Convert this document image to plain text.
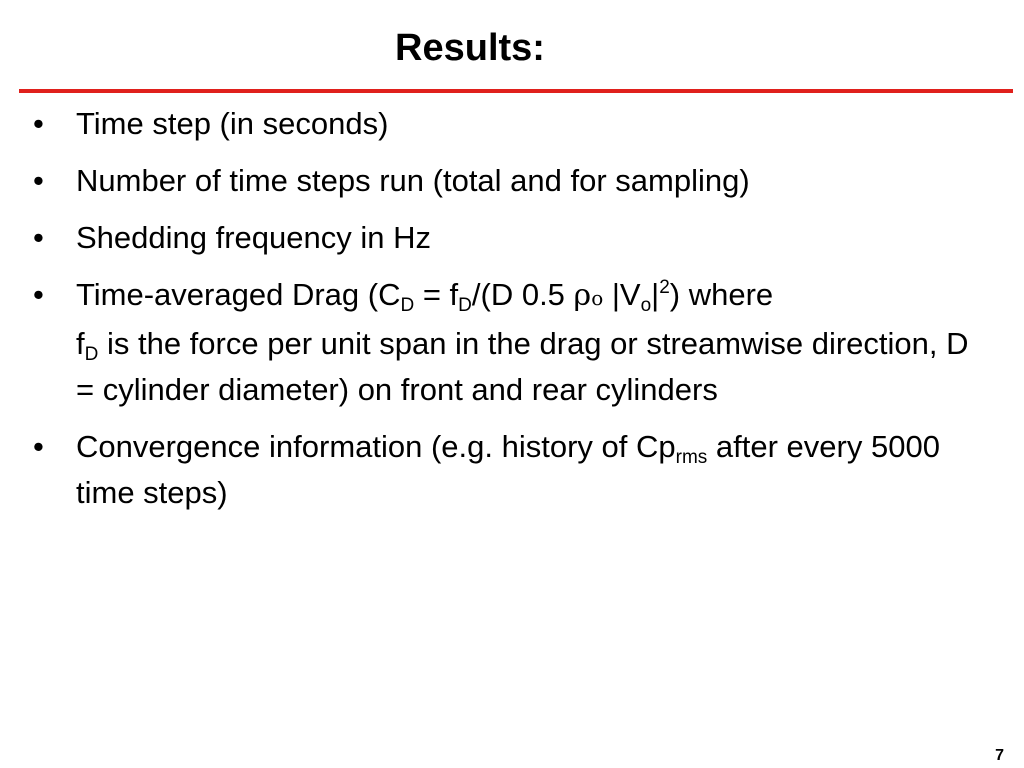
Results:
•	Time step (in seconds)
•	Number of time steps run (total and for sampling)
•	Shedding frequency in Hz
•	Time-averaged Drag ($C_D = f_D/(D$ 0.5 ρo $|V_o|^2$) where
$f_D$ is the force per unit span in the drag or streamwise direction, D = cylinder diameter) on front and rear cylinders
•	Convergence information (e.g. history of $Cp_{rms}$ after every 5000 time steps)
7
